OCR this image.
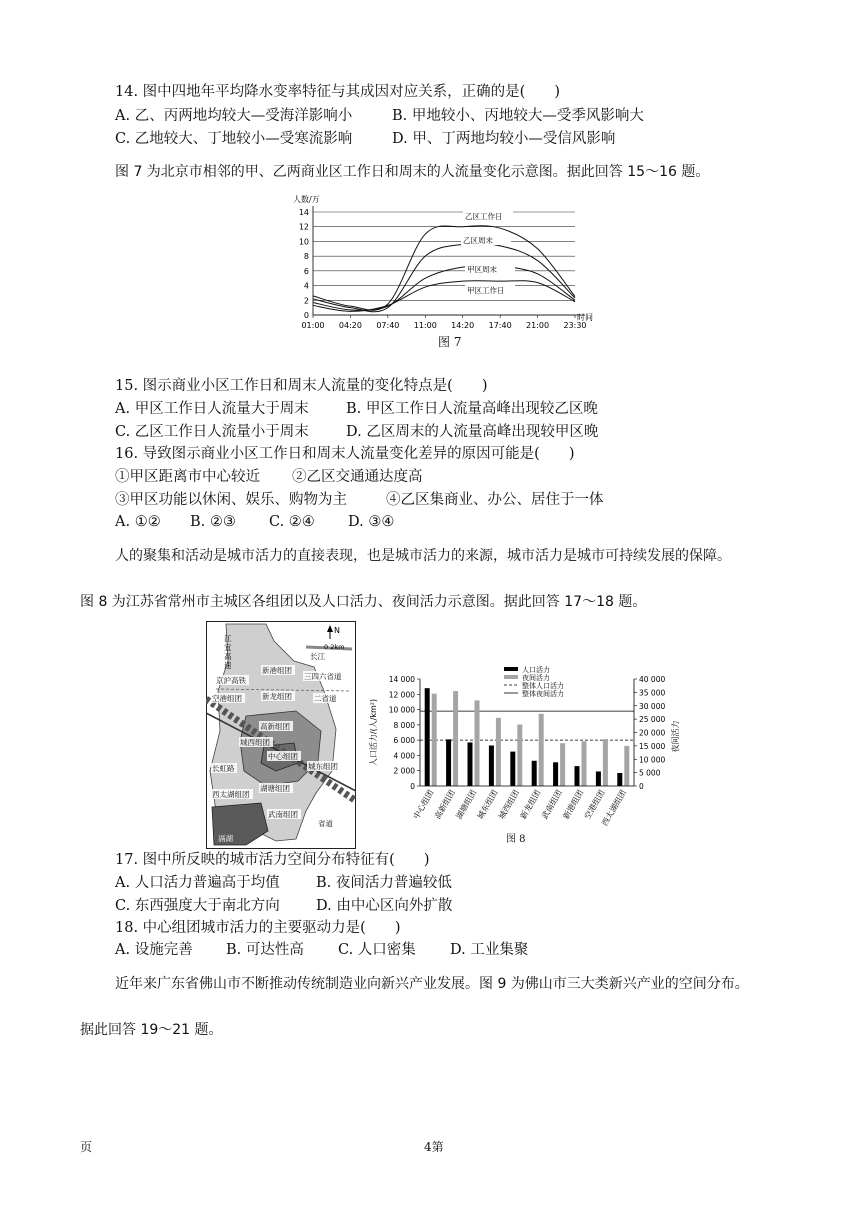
14. 图中四地年平均降水变率特征与其成因对应关系，正确的是(　　)
A. 乙、丙两地均较大—受海洋影响小	B. 甲地较小、丙地较大—受季风影响大
C. 乙地较大、丁地较小—受寒流影响	D. 甲、丁两地均较小—受信风影响
图 7 为北京市相邻的甲、乙两商业区工作日和周末的人流量变化示意图。据此回答 15～16 题。
0
2
4
6
8
10
12
14
01:00 04:20 07:40 11:00 14:20 17:40 21:00 23:30
人数/万
时间
乙区工作日
乙区周末
甲区周末
甲区工作日
图 7
15. 图示商业小区工作日和周末人流量的变化特点是(　　)
A. 甲区工作日人流量大于周末	B. 甲区工作日人流量高峰出现较乙区晚
C. 乙区工作日人流量小于周末	D. 乙区周末的人流量高峰出现较甲区晚
16. 导致图示商业小区工作日和周末人流量变化差异的原因可能是(　　)
①甲区距离市中心较近 ②乙区交通通达度高
③甲区功能以休闲、娱乐、购物为主	④乙区集商业、办公、居住于一体
A. ①② B. ②③ C. ②④ D. ③④
人的聚集和活动是城市活力的直接表现，也是城市活力的来源，城市活力是城市可持续发展的保障。
图 8 为江苏省常州市主城区各组团以及人口活力、夜间活力示意图。据此回答 17～18 题。
N
0 2km
江
宜
高
速
长江
新港组团
新龙组团
三四六省道
二省道
空港组团
京沪高铁
高新组团
城西组团
中心组团
城东组团
长虹路
西太湖组团
湖塘组团
武南组团
滆湖
省道
0
2 000
4 000
6 000
8 000
10 000
12 000
14 000
0
5 000
10 000
15 000
20 000
25 000
30 000
35 000
40 000
人口活力/(人/km²)	夜间活力
中心组团
高新组团
湖塘组团
城东组团
城西组团
新龙组团
武南组团
新港组团
空港组团
西太湖组团
人口活力
夜间活力
整体人口活力
整体夜间活力
图 8
17. 图中所反映的城市活力空间分布特征有(　　)
A. 人口活力普遍高于均值	B. 夜间活力普遍较低
C. 东西强度大于南北方向 D. 由中心区向外扩散
18. 中心组团城市活力的主要驱动力是(　　)
A. 设施完善 B. 可达性高 C. 人口密集 D. 工业集聚
近年来广东省佛山市不断推动传统制造业向新兴产业发展。图 9 为佛山市三大类新兴产业的空间分布。
据此回答 19～21 题。
页	4第
